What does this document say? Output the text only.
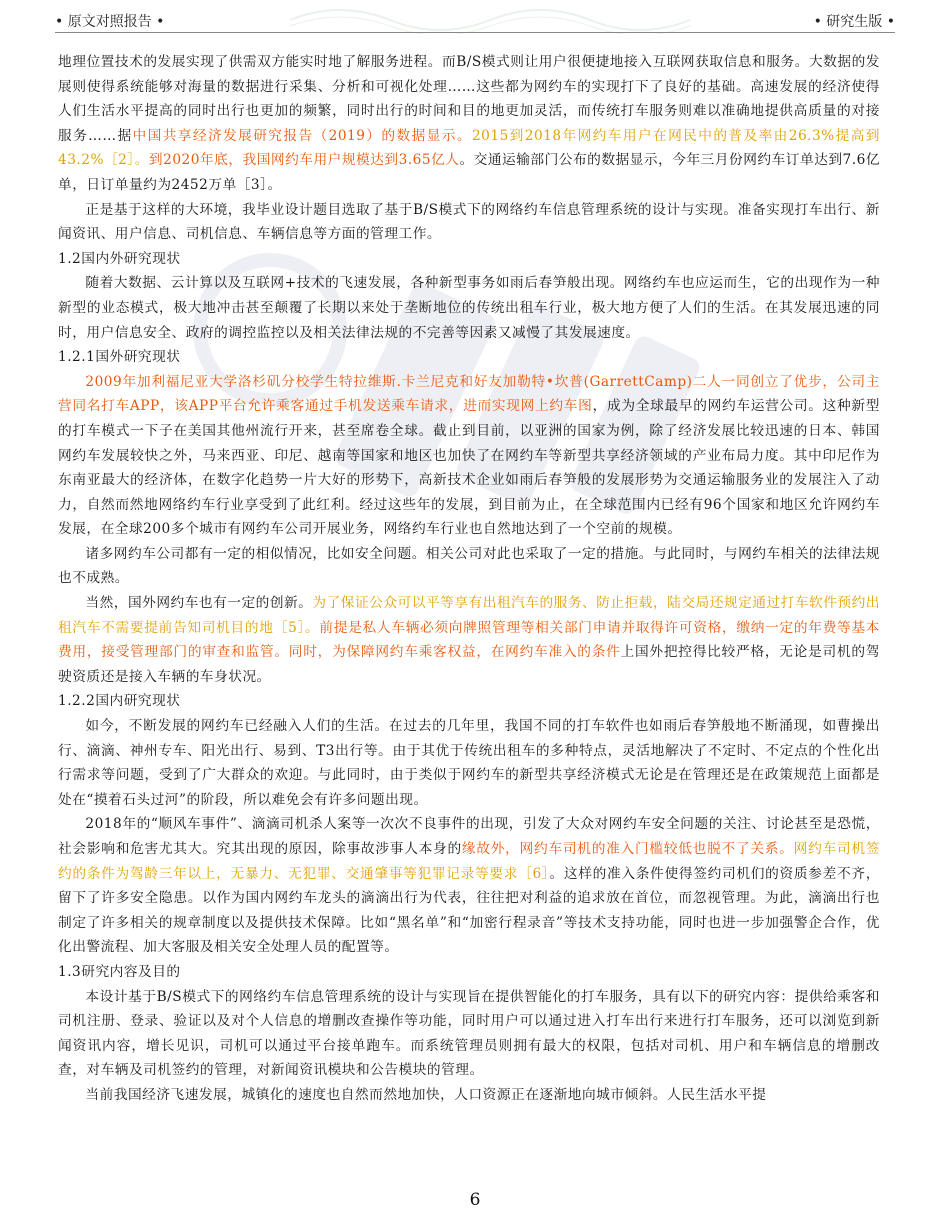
• 原文对照报告 •	• 研究生版 •

地理位置技术的发展实现了供需双方能实时地了解服务进程。而B/S模式则让用户很便捷地接入互联网获取信息和服务。大数据的发展则使得系统能够对海量的数据进行采集、分析和可视化处理……这些都为网约车的实现打下了良好的基础。高速发展的经济使得人们生活水平提高的同时出行也更加的频繁，同时出行的时间和目的地更加灵活，而传统打车服务则难以准确地提供高质量的对接服务……据中国共享经济发展研究报告（2019）的数据显示。2015到2018年网约车用户在网民中的普及率由26.3%提高到43.2%［2］。到2020年底，我国网约车用户规模达到3.65亿人。交通运输部门公布的数据显示，今年三月份网约车订单达到7.6亿单，日订单量约为2452万单［3］。

正是基于这样的大环境，我毕业设计题目选取了基于B/S模式下的网络约车信息管理系统的设计与实现。准备实现打车出行、新闻资讯、用户信息、司机信息、车辆信息等方面的管理工作。

1.2国内外研究现状

随着大数据、云计算以及互联网+技术的飞速发展，各种新型事务如雨后春笋般出现。网络约车也应运而生，它的出现作为一种新型的业态模式，极大地冲击甚至颠覆了长期以来处于垄断地位的传统出租车行业，极大地方便了人们的生活。在其发展迅速的同时，用户信息安全、政府的调控监控以及相关法律法规的不完善等因素又减慢了其发展速度。

1.2.1国外研究现状

2009年加利福尼亚大学洛杉矶分校学生特拉维斯.卡兰尼克和好友加勒特•坎普(GarrettCamp)二人一同创立了优步，公司主营同名打车APP，该APP平台允许乘客通过手机发送乘车请求，进而实现网上约车图，成为全球最早的网约车运营公司。这种新型的打车模式一下子在美国其他州流行开来，甚至席卷全球。截止到目前，以亚洲的国家为例，除了经济发展比较迅速的日本、韩国网约车发展较快之外，马来西亚、印尼、越南等国家和地区也加快了在网约车等新型共享经济领域的产业布局力度。其中印尼作为东南亚最大的经济体，在数字化趋势一片大好的形势下，高新技术企业如雨后春笋般的发展形势为交通运输服务业的发展注入了动力，自然而然地网络约车行业享受到了此红利。经过这些年的发展，到目前为止，在全球范围内已经有96个国家和地区允许网约车发展，在全球200多个城市有网约车公司开展业务，网络约车行业也自然地达到了一个空前的规模。

诸多网约车公司都有一定的相似情况，比如安全问题。相关公司对此也采取了一定的措施。与此同时，与网约车相关的法律法规也不成熟。

当然，国外网约车也有一定的创新。为了保证公众可以平等享有出租汽车的服务、防止拒载，陆交局还规定通过打车软件预约出租汽车不需要提前告知司机目的地［5］。前提是私人车辆必须向牌照管理等相关部门申请并取得许可资格，缴纳一定的年费等基本费用，接受管理部门的审查和监管。同时，为保障网约车乘客权益，在网约车准入的条件上国外把控得比较严格，无论是司机的驾驶资质还是接入车辆的车身状况。

1.2.2国内研究现状

如今，不断发展的网约车已经融入人们的生活。在过去的几年里，我国不同的打车软件也如雨后春笋般地不断涌现，如曹操出行、滴滴、神州专车、阳光出行、易到、T3出行等。由于其优于传统出租车的多种特点，灵活地解决了不定时、不定点的个性化出行需求等问题，受到了广大群众的欢迎。与此同时，由于类似于网约车的新型共享经济模式无论是在管理还是在政策规范上面都是处在“摸着石头过河”的阶段，所以难免会有许多问题出现。

2018年的“顺风车事件”、滴滴司机杀人案等一次次不良事件的出现，引发了大众对网约车安全问题的关注、讨论甚至是恐慌，社会影响和危害尤其大。究其出现的原因，除事故涉事人本身的缘故外，网约车司机的准入门槛较低也脱不了关系。网约车司机签约的条件为驾龄三年以上，无暴力、无犯罪、交通肇事等犯罪记录等要求［6］。这样的准入条件使得签约司机们的资质参差不齐，留下了许多安全隐患。以作为国内网约车龙头的滴滴出行为代表，往往把对利益的追求放在首位，而忽视管理。为此，滴滴出行也制定了许多相关的规章制度以及提供技术保障。比如“黑名单”和“加密行程录音”等技术支持功能，同时也进一步加强警企合作，优化出警流程、加大客服及相关安全处理人员的配置等。

1.3研究内容及目的

本设计基于B/S模式下的网络约车信息管理系统的设计与实现旨在提供智能化的打车服务，具有以下的研究内容：提供给乘客和司机注册、登录、验证以及对个人信息的增删改查操作等功能，同时用户可以通过进入打车出行来进行打车服务，还可以浏览到新闻资讯内容，增长见识，司机可以通过平台接单跑车。而系统管理员则拥有最大的权限，包括对司机、用户和车辆信息的增删改查，对车辆及司机签约的管理，对新闻资讯模块和公告模块的管理。

当前我国经济飞速发展，城镇化的速度也自然而然地加快，人口资源正在逐渐地向城市倾斜。人民生活水平提

6
